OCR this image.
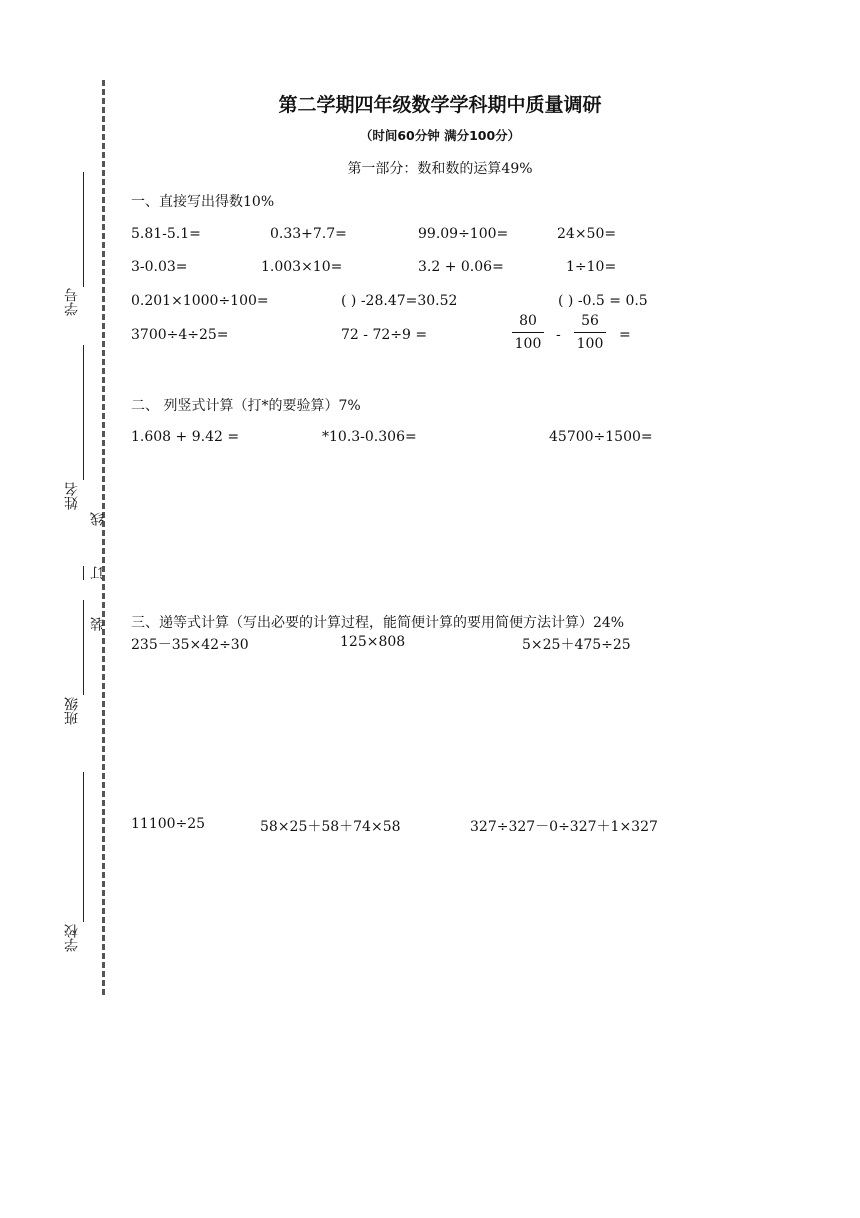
学号
姓名
线
订
装
班级
学校
第二学期四年级数学学科期中质量调研
（时间60分钟 满分100分）
第一部分：数和数的运算49%
一、直接写出得数10%
5.81-5.1=	0.33+7.7=	99.09÷100=	24×50=
3-0.03=	1.003×10=	3.2 + 0.06=	1÷10=
0.201×1000÷100=	( ) -28.47=30.52	( ) -0.5 = 0.5
3700÷4÷25=	72 - 72÷9 =	$\frac{80}{100} - \frac{56}{100}$ =
二、 列竖式计算（打*的要验算）7%
1.608 + 9.42 =	*10.3-0.306=	45700÷1500=
三、递等式计算（写出必要的计算过程，能简便计算的要用简便方法计算）24%
235－35×42÷30	125×808	5×25＋475÷25
11100÷25	58×25＋58＋74×58	327÷327－0÷327＋1×327
